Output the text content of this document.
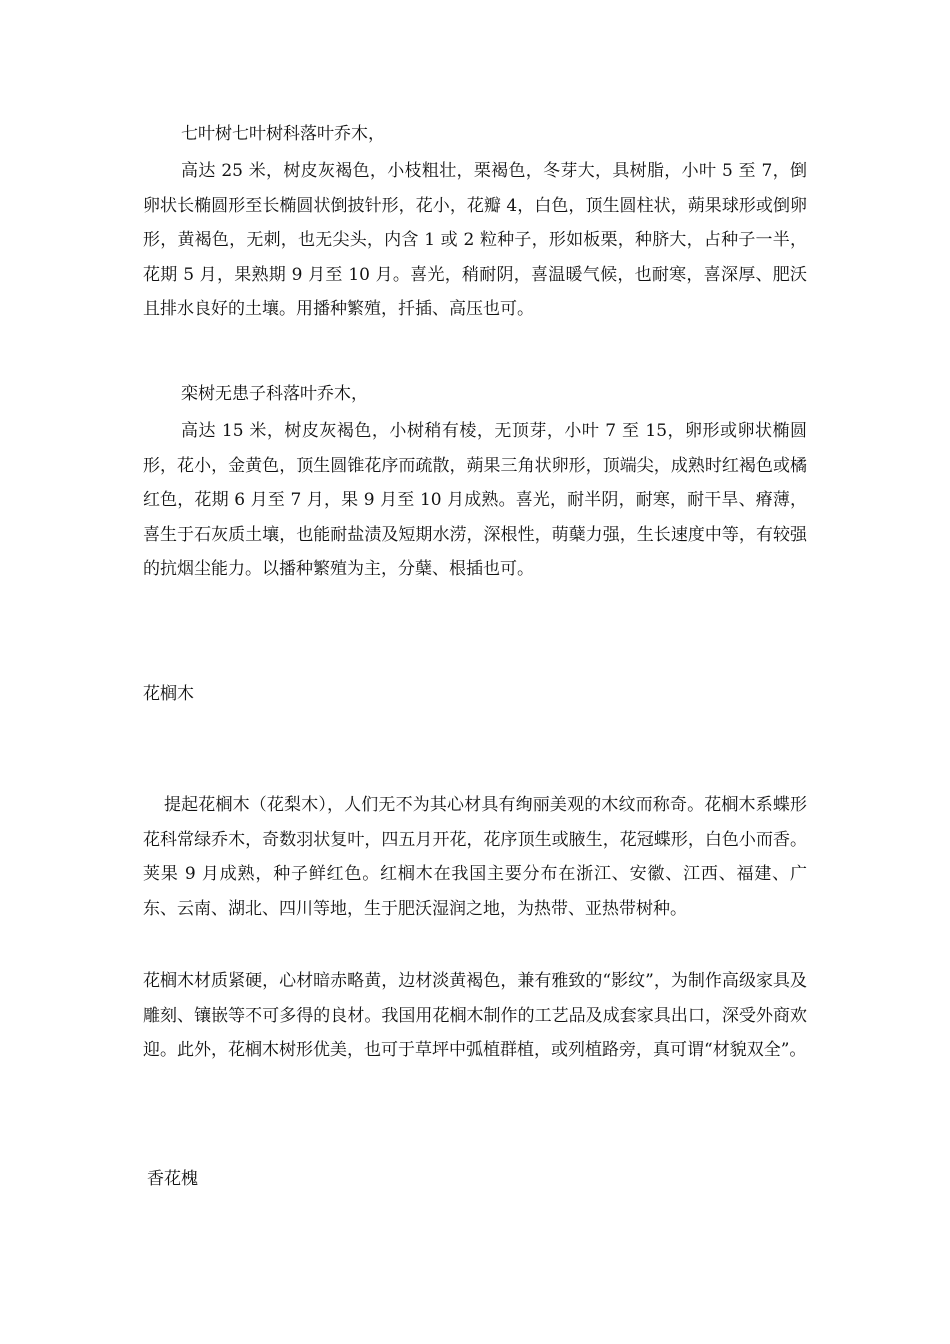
七叶树七叶树科落叶乔木，
高达 25 米，树皮灰褐色，小枝粗壮，栗褐色，冬芽大，具树脂，小叶 5 至 7，倒卵状长椭圆形至长椭圆状倒披针形，花小，花瓣 4，白色，顶生圆柱状，蒴果球形或倒卵形，黄褐色，无刺，也无尖头，内含 1 或 2 粒种子，形如板栗，种脐大，占种子一半，花期 5 月，果熟期 9 月至 10 月。喜光，稍耐阴，喜温暖气候，也耐寒，喜深厚、肥沃且排水良好的土壤。用播种繁殖，扦插、高压也可。
栾树无患子科落叶乔木，
高达 15 米，树皮灰褐色，小树稍有棱，无顶芽，小叶 7 至 15，卵形或卵状椭圆形，花小，金黄色，顶生圆锥花序而疏散，蒴果三角状卵形，顶端尖，成熟时红褐色或橘红色，花期 6 月至 7 月，果 9 月至 10 月成熟。喜光，耐半阴，耐寒，耐干旱、瘠薄，喜生于石灰质土壤，也能耐盐渍及短期水涝，深根性，萌蘖力强，生长速度中等，有较强的抗烟尘能力。以播种繁殖为主，分蘖、根插也可。
花榈木
提起花榈木（花梨木），人们无不为其心材具有绚丽美观的木纹而称奇。花榈木系蝶形花科常绿乔木，奇数羽状复叶，四五月开花，花序顶生或腋生，花冠蝶形，白色小而香。荚果 9 月成熟，种子鲜红色。红榈木在我国主要分布在浙江、安徽、江西、福建、广东、云南、湖北、四川等地，生于肥沃湿润之地，为热带、亚热带树种。
花榈木材质紧硬，心材暗赤略黄，边材淡黄褐色，兼有雅致的“影纹”，为制作高级家具及雕刻、镶嵌等不可多得的良材。我国用花榈木制作的工艺品及成套家具出口，深受外商欢迎。此外，花榈木树形优美，也可于草坪中弧植群植，或列植路旁，真可谓“材貌双全”。
香花槐
